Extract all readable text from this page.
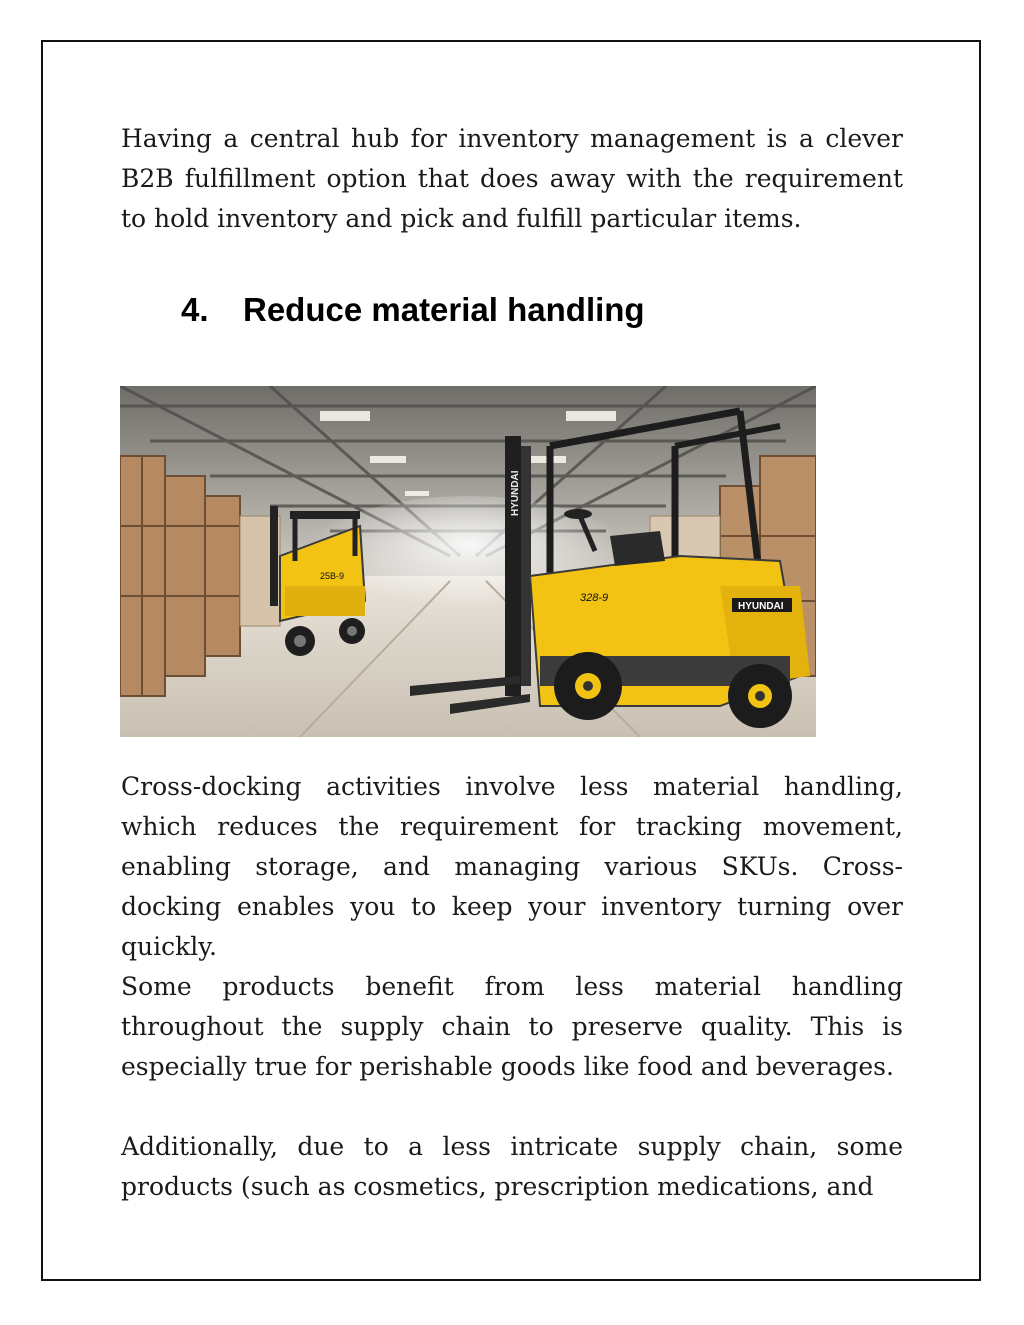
Having a central hub for inventory management is a clever B2B fulfillment option that does away with the requirement to hold inventory and pick and fulfill particular items.

4. Reduce material handling
25B-9
HYUNDAI
HYUNDAI
328-9

Cross-docking activities involve less material handling, which reduces the requirement for tracking movement, enabling storage, and managing various SKUs. Cross-docking enables you to keep your inventory turning over quickly.

Some products benefit from less material handling throughout the supply chain to preserve quality. This is especially true for perishable goods like food and beverages.

Additionally, due to a less intricate supply chain, some products (such as cosmetics, prescription medications, and
